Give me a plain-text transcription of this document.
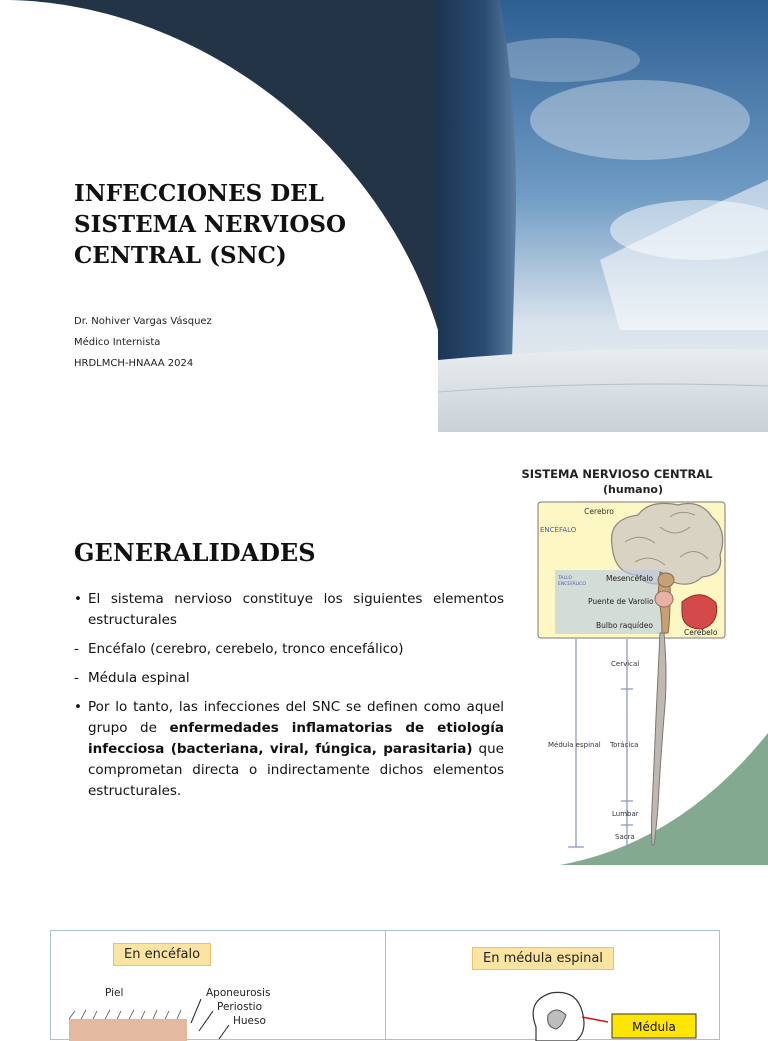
INFECCIONES DEL SISTEMA NERVIOSO CENTRAL (SNC)
Dr. Nohiver Vargas Vásquez
Médico Internista
HRDLMCH-HNAAA 2024
GENERALIDADES
• El sistema nervioso constituye los siguientes elementos estructurales
- Encéfalo (cerebro, cerebelo, tronco encefálico)
- Médula espinal
• Por lo tanto, las infecciones del SNC se definen como aquel grupo de enfermedades inflamatorias de etiología infecciosa (bacteriana, viral, fúngica, parasitaria) que comprometan directa o indirectamente dichos elementos estructurales.
SISTEMA NERVIOSO CENTRAL
(humano)
Cerebro
ENCÉFALO
TALLO
ENCEFÁLICO
Mesencéfalo
Puente de Varolio
Bulbo raquídeo
Cerebelo
Médula espinal
Cervical
Torácica
Lumbar
Sacra
En encéfalo
Piel	Aponeurosis
Periostio
Hueso
En médula espinal
Médula
